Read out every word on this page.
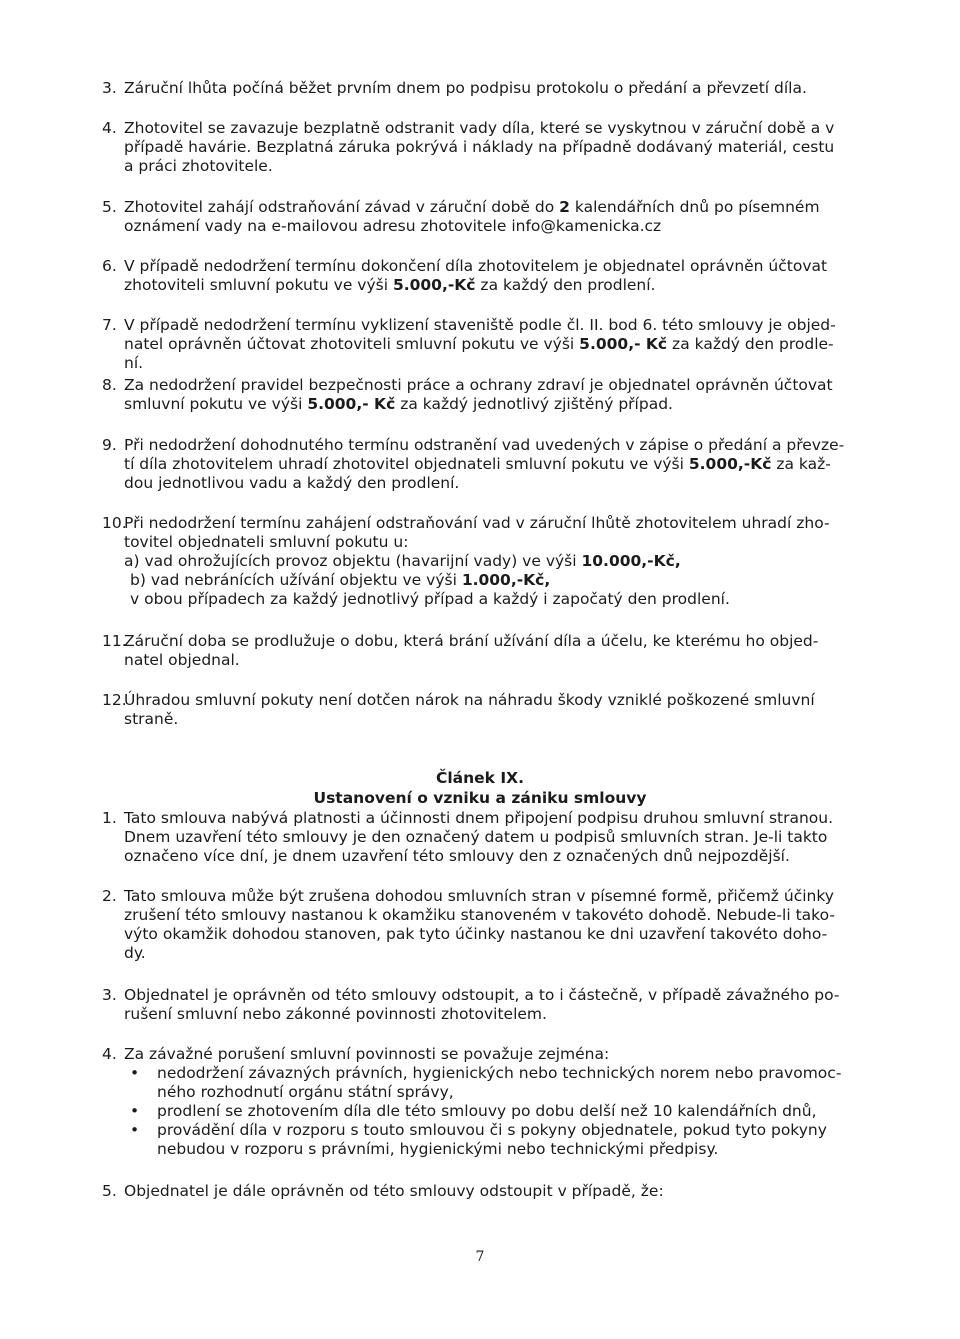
3. Záruční lhůta počíná běžet prvním dnem po podpisu protokolu o předání a převzetí díla.
4. Zhotovitel se zavazuje bezplatně odstranit vady díla, které se vyskytnou v záruční době a v
případě havárie. Bezplatná záruka pokrývá i náklady na případně dodávaný materiál, cestu
a práci zhotovitele.
5. Zhotovitel zahájí odstraňování závad v záruční době do 2 kalendářních dnů po písemném
oznámení vady na e-mailovou adresu zhotovitele info@kamenicka.cz
6. V případě nedodržení termínu dokončení díla zhotovitelem je objednatel oprávněn účtovat
zhotoviteli smluvní pokutu ve výši 5.000,-Kč za každý den prodlení.
7. V případě nedodržení termínu vyklizení staveniště podle čl. II. bod 6. této smlouvy je objed-
natel oprávněn účtovat zhotoviteli smluvní pokutu ve výši 5.000,- Kč za každý den prodle-
ní.
8. Za nedodržení pravidel bezpečnosti práce a ochrany zdraví je objednatel oprávněn účtovat
smluvní pokutu ve výši 5.000,- Kč za každý jednotlivý zjištěný případ.
9. Při nedodržení dohodnutého termínu odstranění vad uvedených v zápise o předání a převze-
tí díla zhotovitelem uhradí zhotovitel objednateli smluvní pokutu ve výši 5.000,-Kč za kaž-
dou jednotlivou vadu a každý den prodlení.
10.
Při nedodržení termínu zahájení odstraňování vad v záruční lhůtě zhotovitelem uhradí zho-
tovitel objednateli smluvní pokutu u:
a) vad ohrožujících provoz objektu (havarijní vady) ve výši 10.000,-Kč,
b) vad nebránících užívání objektu ve výši 1.000,-Kč,
v obou případech za každý jednotlivý případ a každý i započatý den prodlení.
11.
Záruční doba se prodlužuje o dobu, která brání užívání díla a účelu, ke kterému ho objed-
natel objednal.
12.
Úhradou smluvní pokuty není dotčen nárok na náhradu škody vzniklé poškozené smluvní
straně.
Článek IX.
Ustanovení o vzniku a zániku smlouvy
1. Tato smlouva nabývá platnosti a účinnosti dnem připojení podpisu druhou smluvní stranou.
Dnem uzavření této smlouvy je den označený datem u podpisů smluvních stran. Je-li takto
označeno více dní, je dnem uzavření této smlouvy den z označených dnů nejpozdější.
2. Tato smlouva může být zrušena dohodou smluvních stran v písemné formě, přičemž účinky
zrušení této smlouvy nastanou k okamžiku stanoveném v takovéto dohodě. Nebude-li tako-
výto okamžik dohodou stanoven, pak tyto účinky nastanou ke dni uzavření takovéto doho-
dy.
3. Objednatel je oprávněn od této smlouvy odstoupit, a to i částečně, v případě závažného po-
rušení smluvní nebo zákonné povinnosti zhotovitelem.
4. Za závažné porušení smluvní povinnosti se považuje zejména:
• nedodržení závazných právních, hygienických nebo technických norem nebo pravomoc-
ného rozhodnutí orgánu státní správy,
• prodlení se zhotovením díla dle této smlouvy po dobu delší než 10 kalendářních dnů,
• provádění díla v rozporu s touto smlouvou či s pokyny objednatele, pokud tyto pokyny
nebudou v rozporu s právními, hygienickými nebo technickými předpisy.
5. Objednatel je dále oprávněn od této smlouvy odstoupit v případě, že:
7
